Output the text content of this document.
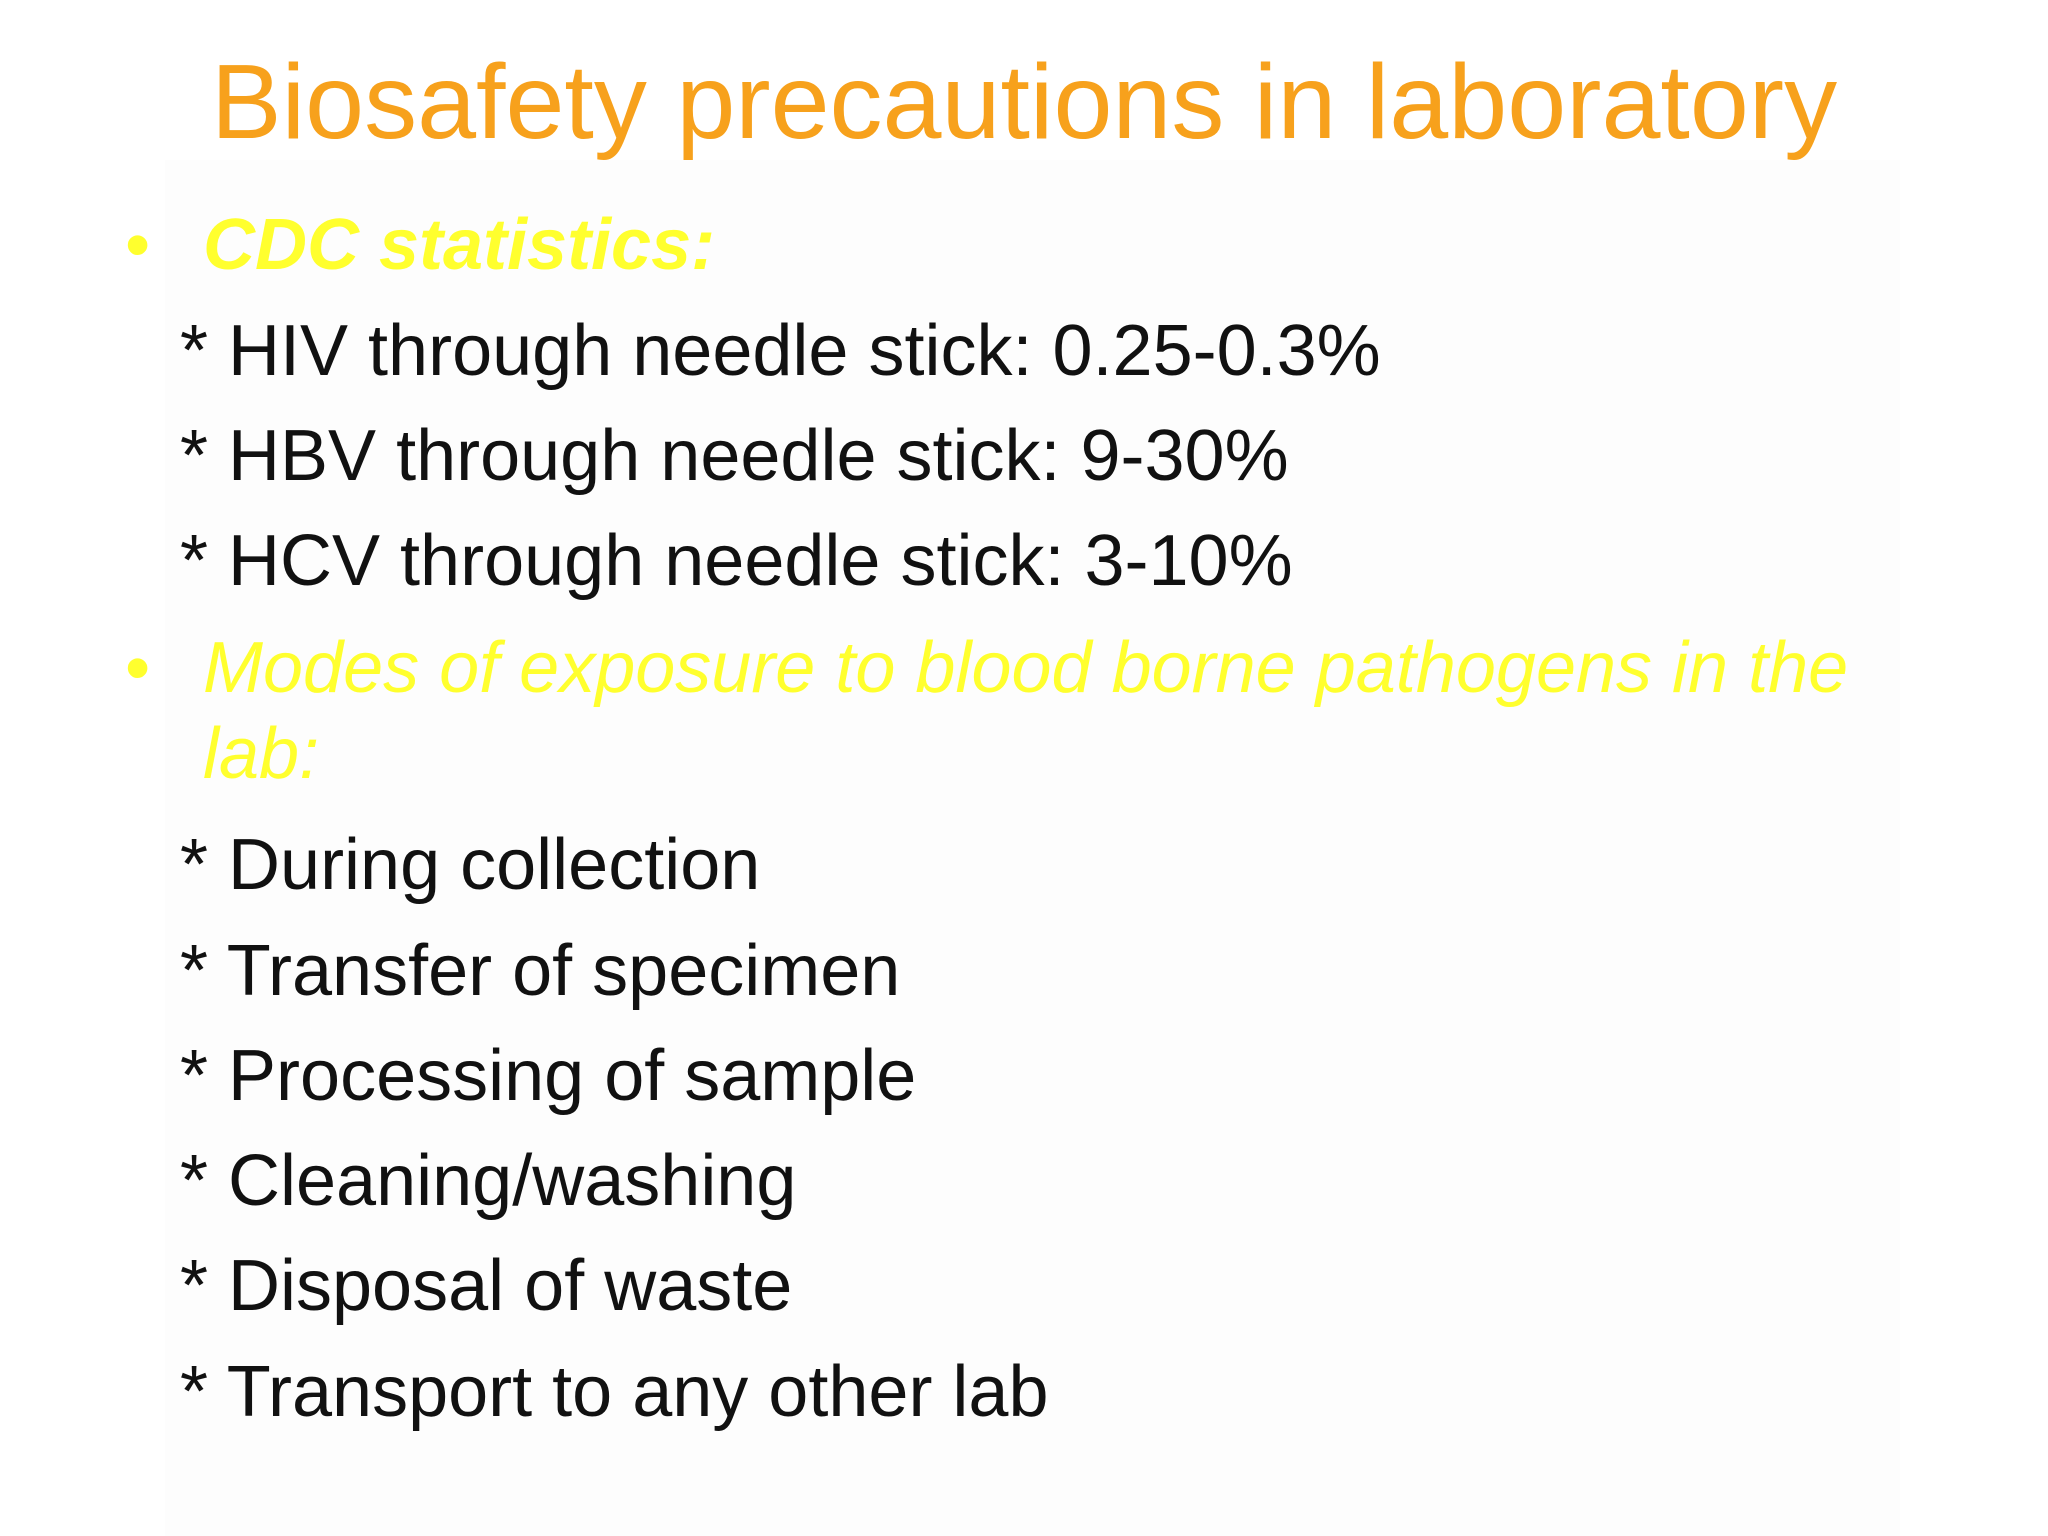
Biosafety precautions in laboratory
• CDC statistics:
* HIV through needle stick: 0.25-0.3%
* HBV through needle stick: 9-30%
* HCV through needle stick: 3-10%
• Modes of exposure to blood borne pathogens in the lab:
* During collection
* Transfer of specimen
* Processing of sample
* Cleaning/washing
* Disposal of waste
* Transport to any other lab
